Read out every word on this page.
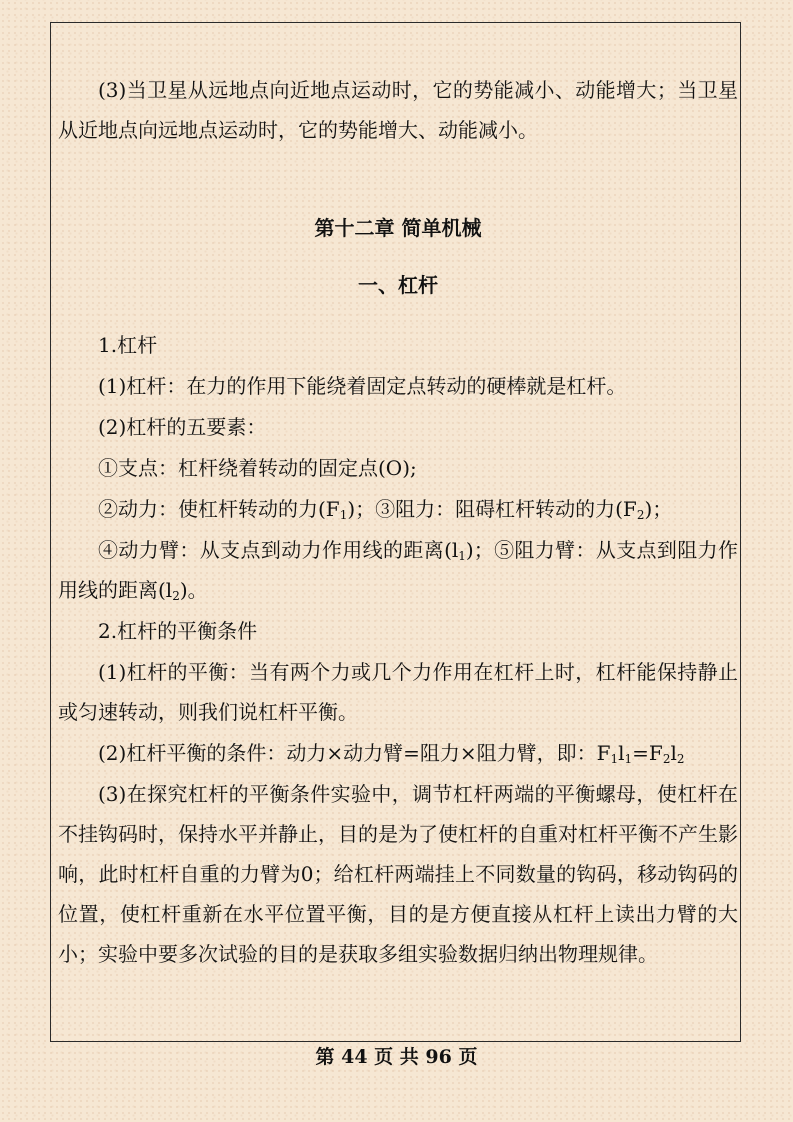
(3)当卫星从远地点向近地点运动时，它的势能减小、动能增大；当卫星从近地点向远地点运动时，它的势能增大、动能减小。

第十二章 简单机械
一、杠杆

1.杠杆

(1)杠杆：在力的作用下能绕着固定点转动的硬棒就是杠杆。

(2)杠杆的五要素：

①支点：杠杆绕着转动的固定点(O);

②动力：使杠杆转动的力$(F_1)$；③阻力：阻碍杠杆转动的力$(F_2)$；

④动力臂：从支点到动力作用线的距离$(l_1)$；⑤阻力臂：从支点到阻力作用线的距离$(l_2)$。

2.杠杆的平衡条件

(1)杠杆的平衡：当有两个力或几个力作用在杠杆上时，杠杆能保持静止或匀速转动，则我们说杠杆平衡。

(2)杠杆平衡的条件：动力×动力臂=阻力×阻力臂，即：$F_1l_1=F_2l_2$

(3)在探究杠杆的平衡条件实验中，调节杠杆两端的平衡螺母，使杠杆在不挂钩码时，保持水平并静止，目的是为了使杠杆的自重对杠杆平衡不产生影响，此时杠杆自重的力臂为0；给杠杆两端挂上不同数量的钩码，移动钩码的位置，使杠杆重新在水平位置平衡，目的是方便直接从杠杆上读出力臂的大小；实验中要多次试验的目的是获取多组实验数据归纳出物理规律。

第 44 页 共 96 页
